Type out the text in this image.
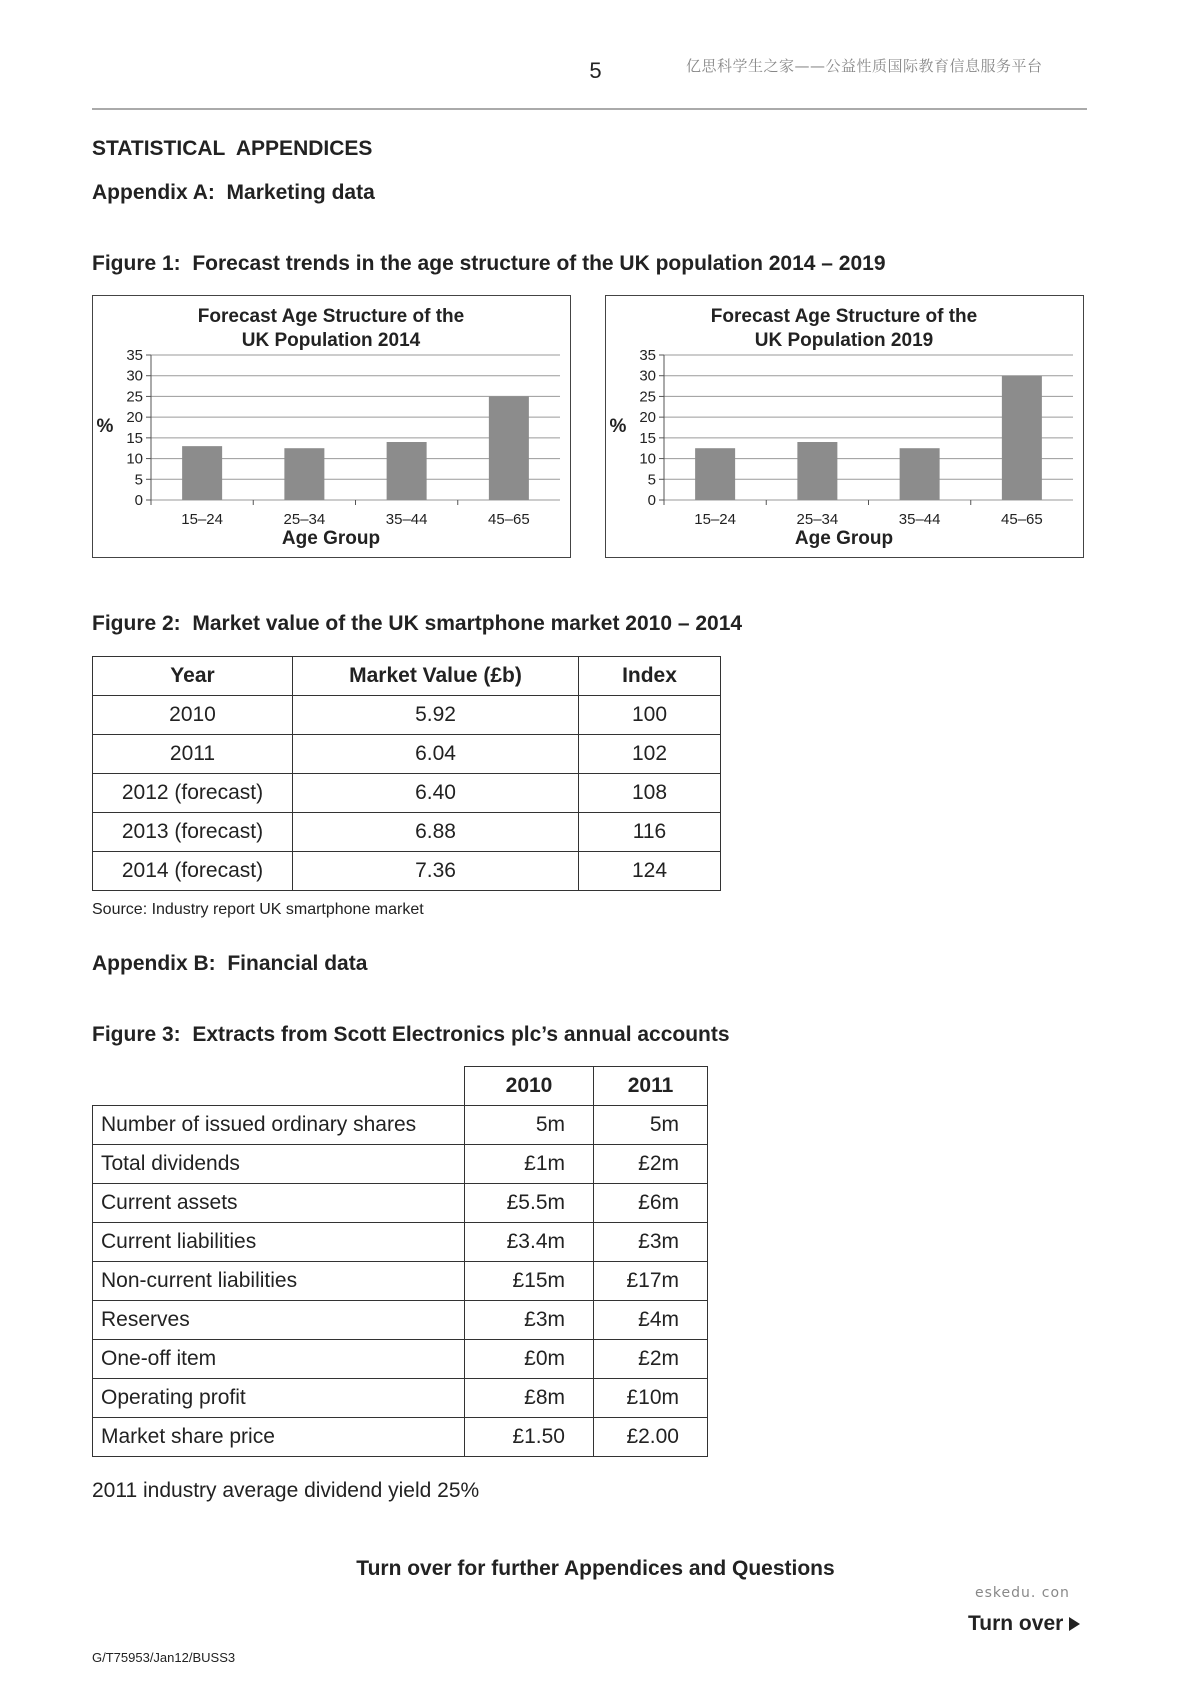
5	亿思科学生之家——公益性质国际教育信息服务平台
STATISTICAL  APPENDICES
Appendix A:  Marketing data
Figure 1:  Forecast trends in the age structure of the UK population 2014 – 2019
Forecast Age Structure of the
UK Population 2014
0
5
10
15
20
25
30
35
%
15–24	25–34	35–44	45–65
Age Group
Forecast Age Structure of the
UK Population 2019
0
5
10
15
20
25
30
35
%
15–24	25–34	35–44	45–65
Age Group
Figure 2:  Market value of the UK smartphone market 2010 – 2014
Year	Market Value (£b)	Index
2010	5.92	100
2011	6.04	102
2012 (forecast)	6.40	108
2013 (forecast)	6.88	116
2014 (forecast)	7.36	124
Source: Industry report UK smartphone market
Appendix B:  Financial data
Figure 3:  Extracts from Scott Electronics plc’s annual accounts
	2010	2011
Number of issued ordinary shares	5m	5m
Total dividends	£1m	£2m
Current assets	£5.5m	£6m
Current liabilities	£3.4m	£3m
Non-current liabilities	£15m	£17m
Reserves	£3m	£4m
One-off item	£0m	£2m
Operating profit	£8m	£10m
Market share price	£1.50	£2.00
2011 industry average dividend yield 25%
Turn over for further Appendices and Questions
eskedu. con
Turn over
G/T75953/Jan12/BUSS3
